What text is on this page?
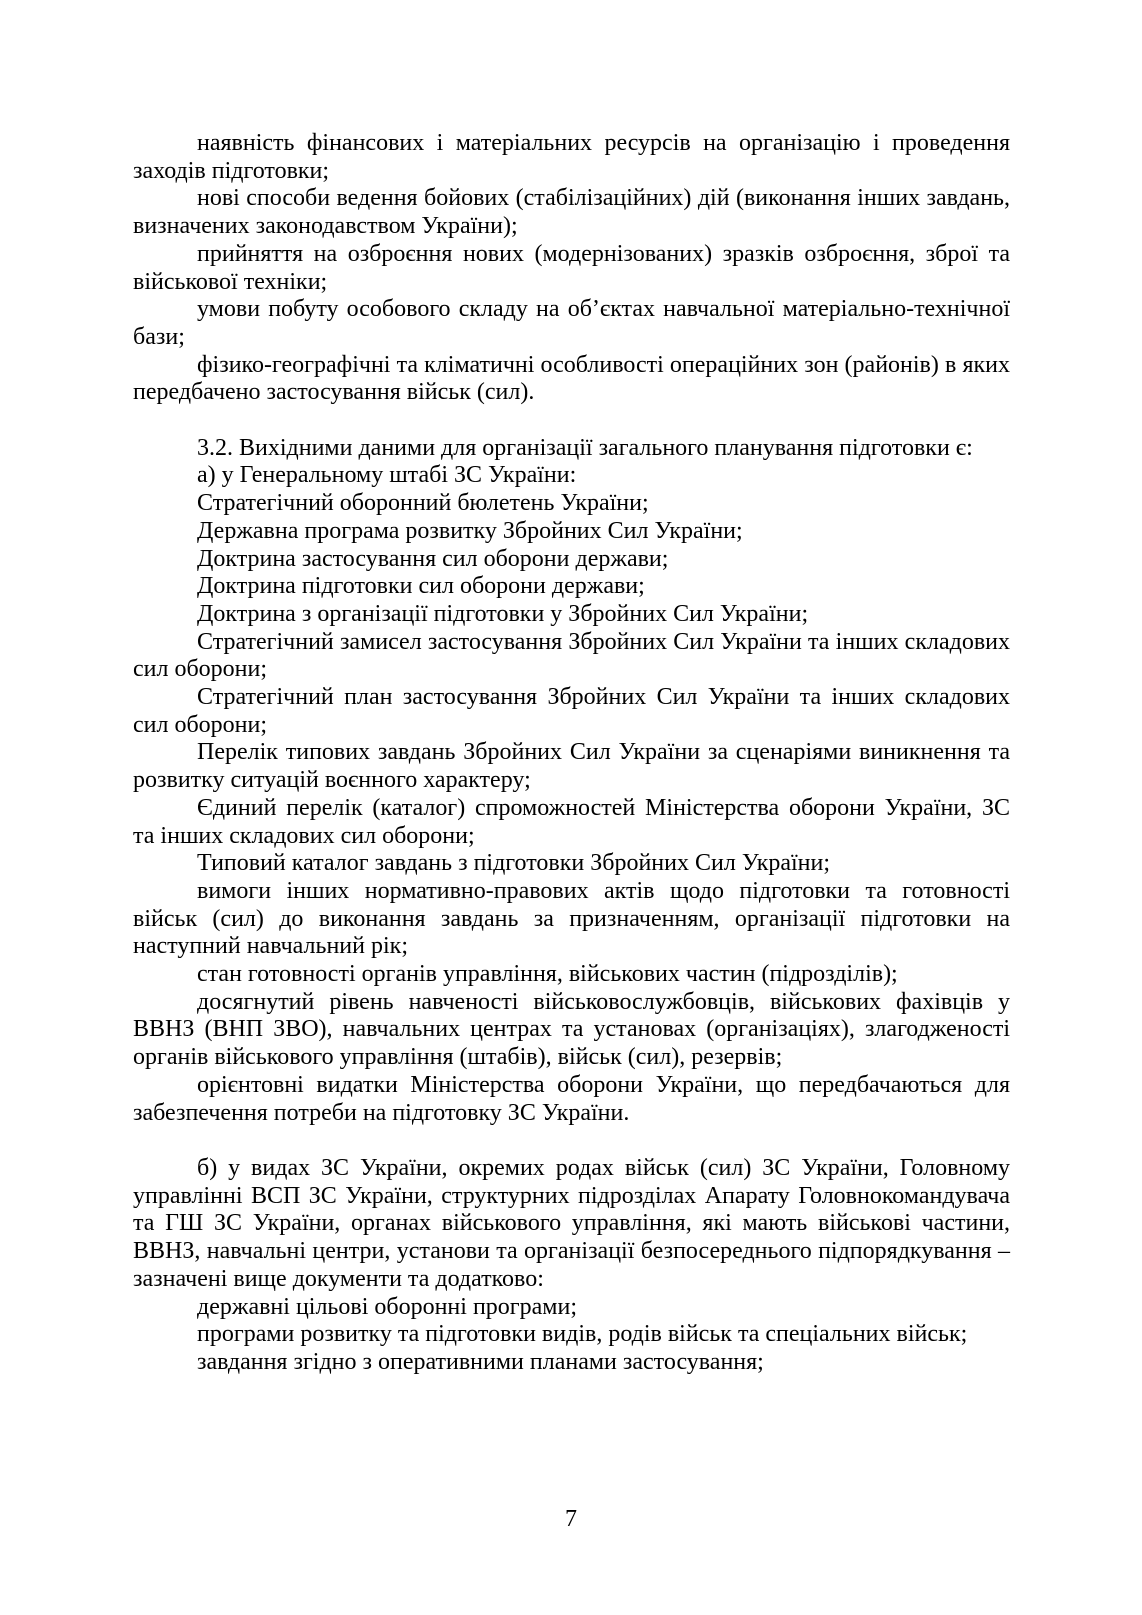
наявність фінансових і матеріальних ресурсів на організацію і проведення заходів підготовки;

нові способи ведення бойових (стабілізаційних) дій (виконання інших завдань, визначених законодавством України);

прийняття на озброєння нових (модернізованих) зразків озброєння, зброї та військової техніки;

умови побуту особового складу на об’єктах навчальної матеріально-технічної бази;

фізико-географічні та кліматичні особливості операційних зон (районів) в яких передбачено застосування військ (сил).

3.2. Вихідними даними для організації загального планування підготовки є:

а) у Генеральному штабі ЗС України:

Стратегічний оборонний бюлетень України;

Державна програма розвитку Збройних Сил України;

Доктрина застосування сил оборони держави;

Доктрина підготовки сил оборони держави;

Доктрина з організації підготовки у Збройних Сил України;

Стратегічний замисел застосування Збройних Сил України та інших складових сил оборони;

Стратегічний план застосування Збройних Сил України та інших складових сил оборони;

Перелік типових завдань Збройних Сил України за сценаріями виникнення та розвитку ситуацій воєнного характеру;

Єдиний перелік (каталог) спроможностей Міністерства оборони України, ЗС та інших складових сил оборони;

Типовий каталог завдань з підготовки Збройних Сил України;

вимоги інших нормативно-правових актів щодо підготовки та готовності військ (сил) до виконання завдань за призначенням, організації підготовки на наступний навчальний рік;

стан готовності органів управління, військових частин (підрозділів);

досягнутий рівень навченості військовослужбовців, військових фахівців у ВВНЗ (ВНП ЗВО), навчальних центрах та установах (організаціях), злагодженості органів військового управління (штабів), військ (сил), резервів;

орієнтовні видатки Міністерства оборони України, що передбачаються для забезпечення потреби на підготовку ЗС України.

б) у видах ЗС України, окремих родах військ (сил) ЗС України, Головному управлінні ВСП ЗС України, структурних підрозділах Апарату Головнокомандувача та ГШ ЗС України, органах військового управління, які мають військові частини, ВВНЗ, навчальні центри, установи та організації безпосереднього підпорядкування – зазначені вище документи та додатково:

державні цільові оборонні програми;

програми розвитку та підготовки видів, родів військ та спеціальних військ;

завдання згідно з оперативними планами застосування;

7
